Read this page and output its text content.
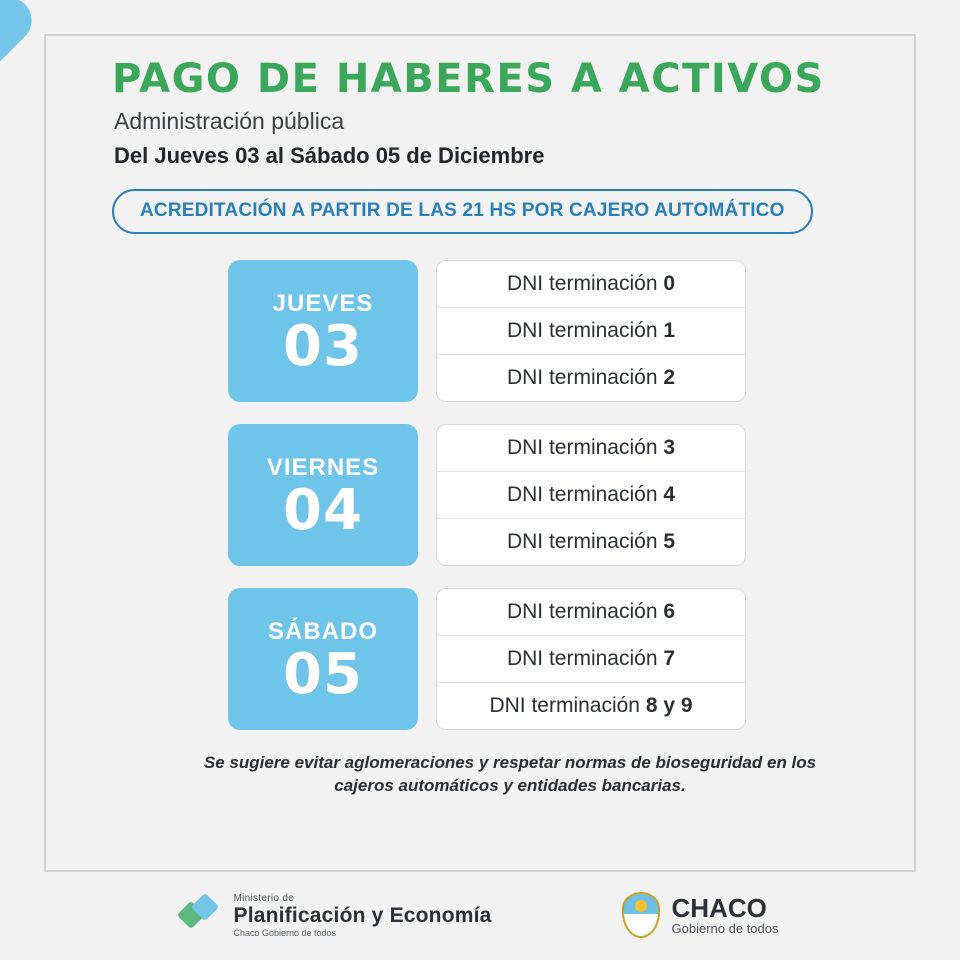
PAGO DE HABERES A ACTIVOS
Administración pública
Del Jueves 03 al Sábado 05 de Diciembre
ACREDITACIÓN A PARTIR DE LAS 21 HS POR CAJERO AUTOMÁTICO
JUEVES
03
DNI terminación 0
DNI terminación 1
DNI terminación 2
VIERNES
04
DNI terminación 3
DNI terminación 4
DNI terminación 5
SÁBADO
05
DNI terminación 6
DNI terminación 7
DNI terminación 8 y 9
Se sugiere evitar aglomeraciones y respetar normas de bioseguridad en los cajeros automáticos y entidades bancarias.
Ministerio de
Planificación y Economía
Chaco Gobierno de todos
CHACO
Gobierno de todos
